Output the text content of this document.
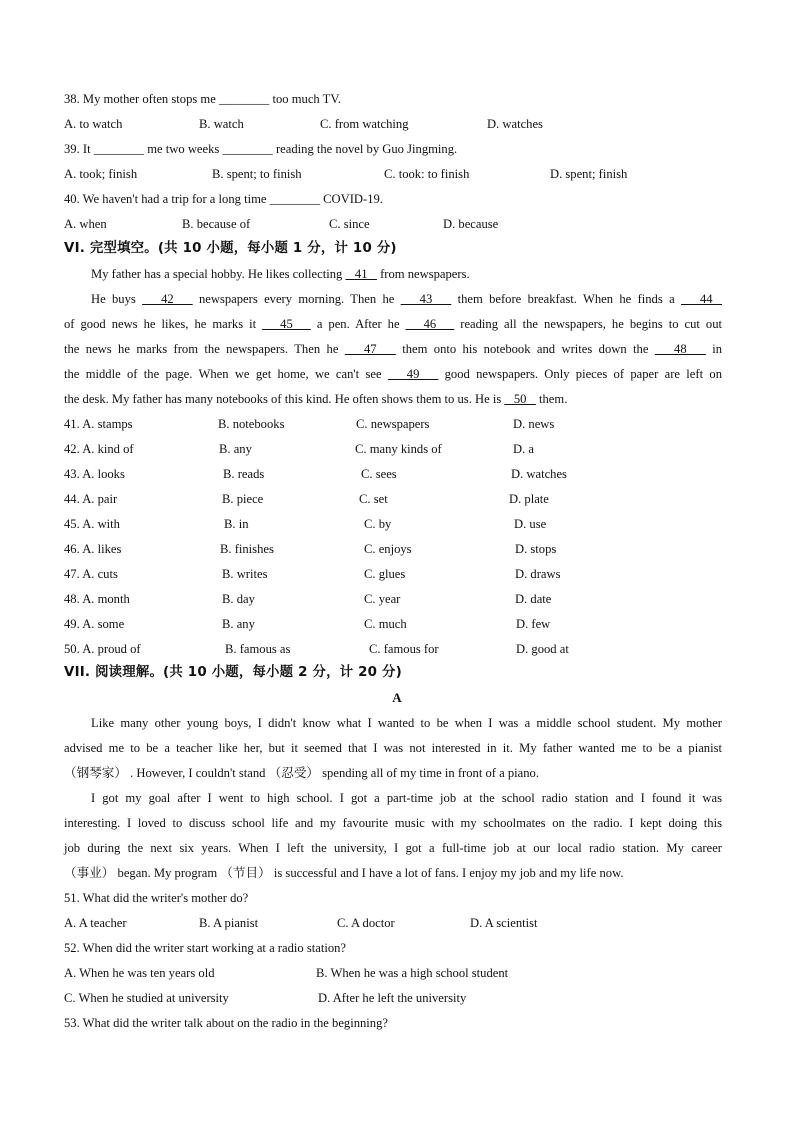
38. My mother often stops me ________ too much TV.
A. to watch	B. watch	C. from watching	D. watches
39. It ________ me two weeks ________ reading the novel by Guo Jingming.
A. took; finish	B. spent; to finish	C. took: to finish	D. spent; finish
40. We haven't had a trip for a long time ________ COVID-19.
A. when	B. because of	C. since	D. because
VI. 完型填空。(共 10 小题，每小题 1 分，计 10 分)
My father has a special hobby. He likes collecting    41    from newspapers.
He buys    42    newspapers every morning. Then he    43    them before breakfast. When he finds a    44
of good news he likes, he marks it    45    a pen. After he    46    reading all the newspapers, he begins to cut out
the news he marks from the newspapers. Then he    47    them onto his notebook and writes down the    48    in
the middle of the page. When we get home, we can't see    49    good newspapers. Only pieces of paper are left on
the desk. My father has many notebooks of this kind. He often shows them to us. He is    50    them.
41. A. stamps	B. notebooks	C. newspapers	D. news
42. A. kind of	B. any	C. many kinds of	D. a
43. A. looks	B. reads	C. sees	D. watches
44. A. pair	B. piece	C. set	D. plate
45. A. with	B. in	C. by	D. use
46. A. likes	B. finishes	C. enjoys	D. stops
47. A. cuts	B. writes	C. glues	D. draws
48. A. month	B. day	C. year	D. date
49. A. some	B. any	C. much	D. few
50. A. proud of	B. famous as	C. famous for	D. good at
VII. 阅读理解。(共 10 小题，每小题 2 分，计 20 分)
A
Like many other young boys, I didn't know what I wanted to be when I was a middle school student. My mother
advised me to be a teacher like her, but it seemed that I was not interested in it. My father wanted me to be a pianist
（钢琴家） . However, I couldn't stand （忍受） spending all of my time in front of a piano.
I got my goal after I went to high school. I got a part-time job at the school radio station and I found it was
interesting. I loved to discuss school life and my favourite music with my schoolmates on the radio. I kept doing this
job during the next six years. When I left the university, I got a full-time job at our local radio station. My career
（事业） began. My program （节目） is successful and I have a lot of fans. I enjoy my job and my life now.
51. What did the writer's mother do?
A. A teacher	B. A pianist	C. A doctor	D. A scientist
52. When did the writer start working at a radio station?
A. When he was ten years old	B. When he was a high school student
C. When he studied at university	D. After he left the university
53. What did the writer talk about on the radio in the beginning?
